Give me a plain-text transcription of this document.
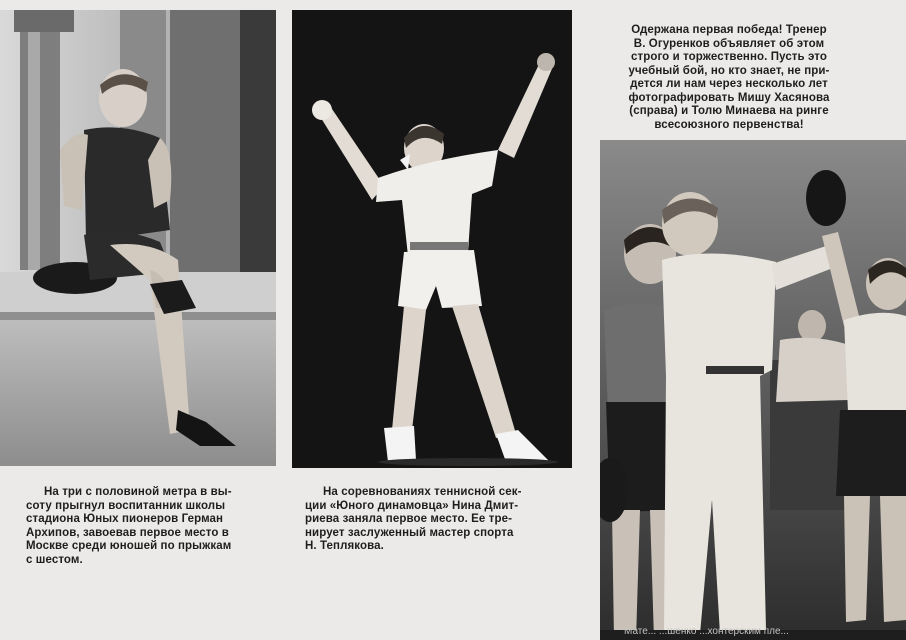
На три с половиной метра в вы-
соту прыгнул воспитанник школы
стадиона Юных пионеров Герман
Архипов, завоевав первое место в
Москве среди юношей по прыжкам
с шестом.

На соревнованиях теннисной сек-
ции «Юного динамовца» Нина Дмит-
риева заняла первое место. Ее тре-
нирует заслуженный мастер спорта
Н. Теплякова.

Одержана первая победа! Тренер
В. Огуренков объявляет об этом
строго и торжественно. Пусть это
учебный бой, но кто знает, не при-
дется ли нам через несколько лет
фотографировать Мишу Хасянова
(справа) и Толю Минаева на ринге
всесоюзного первенства!

Мате... ...шенко ...хонтерским пле...
